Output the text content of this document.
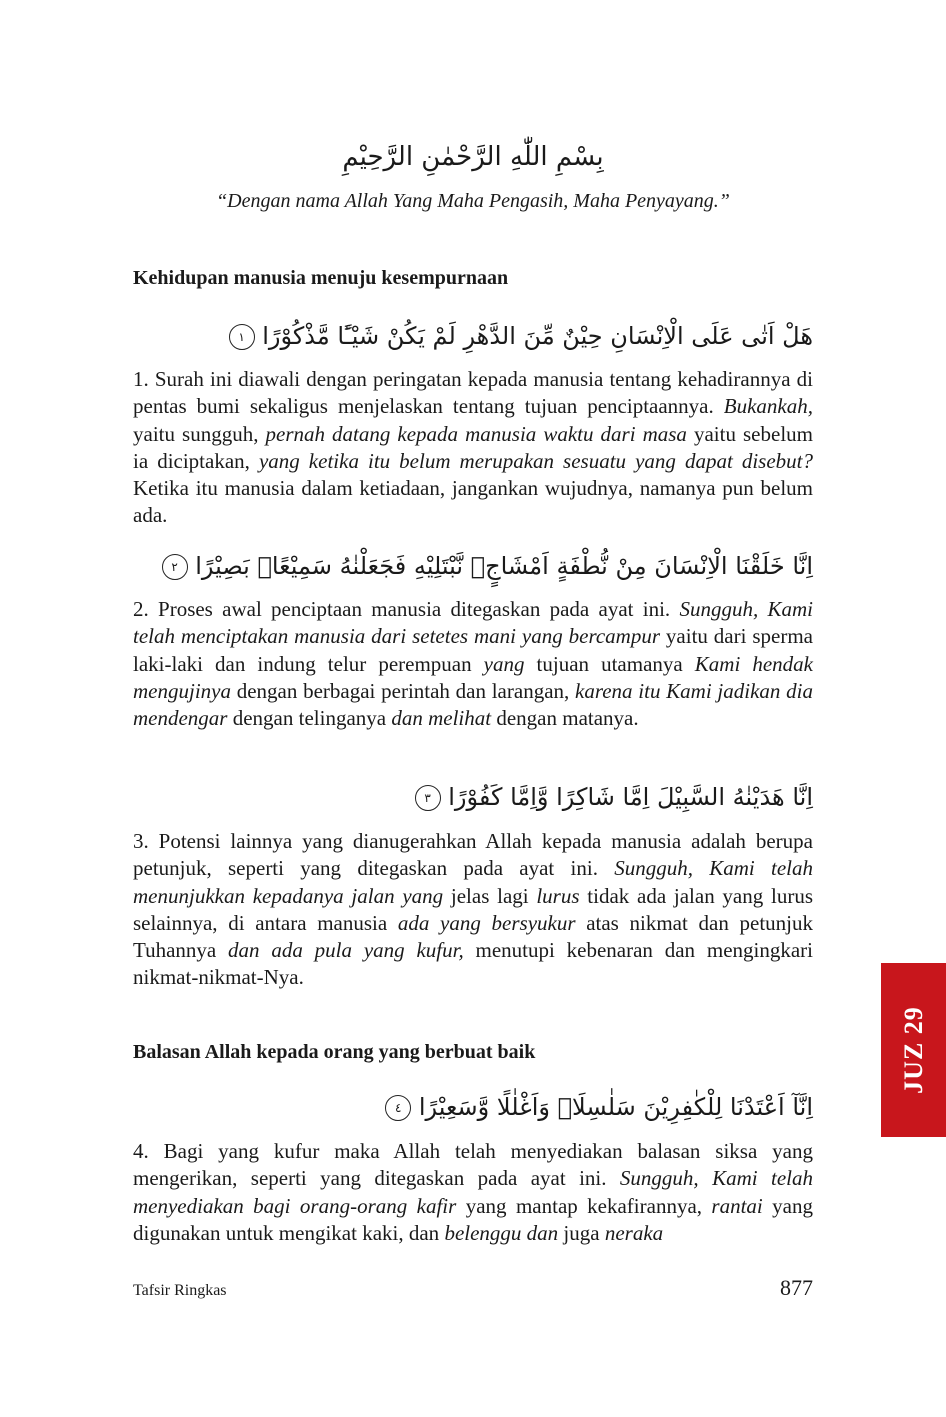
بِسْمِ اللّٰهِ الرَّحْمٰنِ الرَّحِيْمِ
“Dengan nama Allah Yang Maha Pengasih, Maha Penyayang.”
Kehidupan manusia menuju kesempurnaan
هَلْ اَتٰى عَلَى الْاِنْسَانِ حِيْنٌ مِّنَ الدَّهْرِ لَمْ يَكُنْ شَيْـًٔا مَّذْكُوْرًا ١
1. Surah ini diawali dengan peringatan kepada manusia tentang kehadirannya di pentas bumi sekaligus menjelaskan tentang tujuan penciptaannya. Bukankah, yaitu sungguh, pernah datang kepada manusia waktu dari masa yaitu sebelum ia diciptakan, yang ketika itu belum merupakan sesuatu yang dapat disebut? Ketika itu manusia dalam ketiadaan, jangankan wujudnya, namanya pun belum ada.
اِنَّا خَلَقْنَا الْاِنْسَانَ مِنْ نُّطْفَةٍ اَمْشَاجٍۖ نَّبْتَلِيْهِ فَجَعَلْنٰهُ سَمِيْعًاۢ بَصِيْرًا ٢
2. Proses awal penciptaan manusia ditegaskan pada ayat ini. Sungguh, Kami telah menciptakan manusia dari setetes mani yang bercampur yaitu dari sperma laki-laki dan indung telur perempuan yang tujuan utamanya Kami hendak mengujinya dengan berbagai perintah dan larangan, karena itu Kami jadikan dia mendengar dengan telinganya dan melihat dengan matanya.
اِنَّا هَدَيْنٰهُ السَّبِيْلَ اِمَّا شَاكِرًا وَّاِمَّا كَفُوْرًا ٣
3. Potensi lainnya yang dianugerahkan Allah kepada manusia adalah berupa petunjuk, seperti yang ditegaskan pada ayat ini. Sungguh, Kami telah menunjukkan kepadanya jalan yang jelas lagi lurus tidak ada jalan yang lurus selainnya, di antara manusia ada yang bersyukur atas nikmat dan petunjuk Tuhannya dan ada pula yang kufur, menutupi kebenaran dan mengingkari nikmat-nikmat-Nya.
Balasan Allah kepada orang yang berbuat baik
اِنَّآ اَعْتَدْنَا لِلْكٰفِرِيْنَ سَلٰسِلَا۟ وَاَغْلٰلًا وَّسَعِيْرًا ٤
4. Bagi yang kufur maka Allah telah menyediakan balasan siksa yang mengerikan, seperti yang ditegaskan pada ayat ini. Sungguh, Kami telah menyediakan bagi orang-orang kafir yang mantap kekafirannya, rantai yang digunakan untuk mengikat kaki, dan belenggu dan juga neraka
Tafsir Ringkas	877
JUZ 29
